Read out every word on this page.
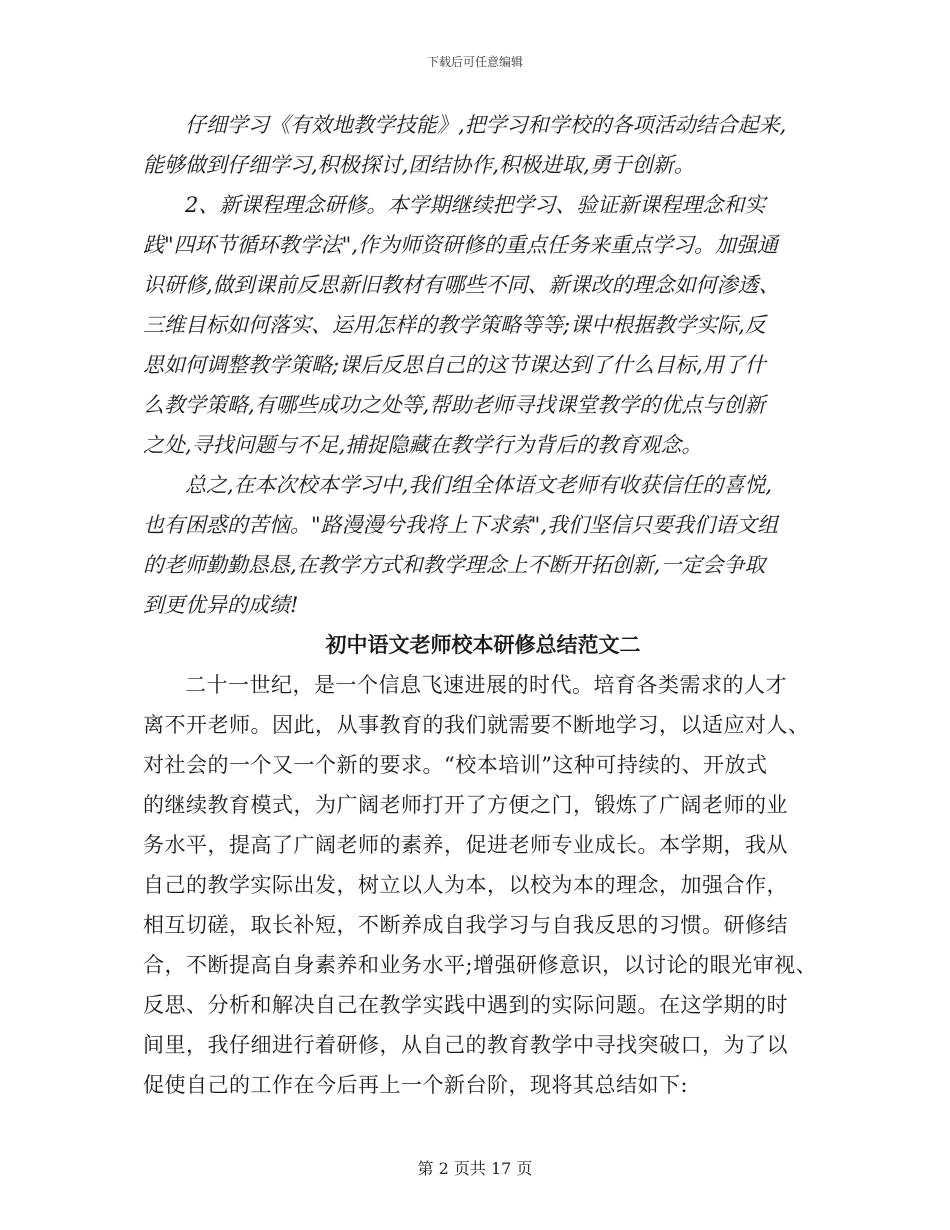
下载后可任意编辑
仔细学习《有效地教学技能》,把学习和学校的各项活动结合起来,
能够做到仔细学习,积极探讨,团结协作,积极进取,勇于创新。
2、新课程理念研修。本学期继续把学习、验证新课程理念和实
践"四环节循环教学法",作为师资研修的重点任务来重点学习。加强通
识研修,做到课前反思新旧教材有哪些不同、新课改的理念如何渗透、
三维目标如何落实、运用怎样的教学策略等等;课中根据教学实际,反
思如何调整教学策略;课后反思自己的这节课达到了什么目标,用了什
么教学策略,有哪些成功之处等,帮助老师寻找课堂教学的优点与创新
之处,寻找问题与不足,捕捉隐藏在教学行为背后的教育观念。
总之,在本次校本学习中,我们组全体语文老师有收获信任的喜悦,
也有困惑的苦恼。"路漫漫兮我将上下求索",我们坚信只要我们语文组
的老师勤勤恳恳,在教学方式和教学理念上不断开拓创新,一定会争取
到更优异的成绩!
初中语文老师校本研修总结范文二
二十一世纪，是一个信息飞速进展的时代。培育各类需求的人才
离不开老师。因此，从事教育的我们就需要不断地学习，以适应对人、
对社会的一个又一个新的要求。“校本培训”这种可持续的、开放式
的继续教育模式，为广阔老师打开了方便之门，锻炼了广阔老师的业
务水平，提高了广阔老师的素养，促进老师专业成长。本学期，我从
自己的教学实际出发，树立以人为本，以校为本的理念，加强合作，
相互切磋，取长补短，不断养成自我学习与自我反思的习惯。研修结
合，不断提高自身素养和业务水平;增强研修意识，以讨论的眼光审视、
反思、分析和解决自己在教学实践中遇到的实际问题。在这学期的时
间里，我仔细进行着研修，从自己的教育教学中寻找突破口，为了以
促使自己的工作在今后再上一个新台阶，现将其总结如下:
第 2 页共 17 页
